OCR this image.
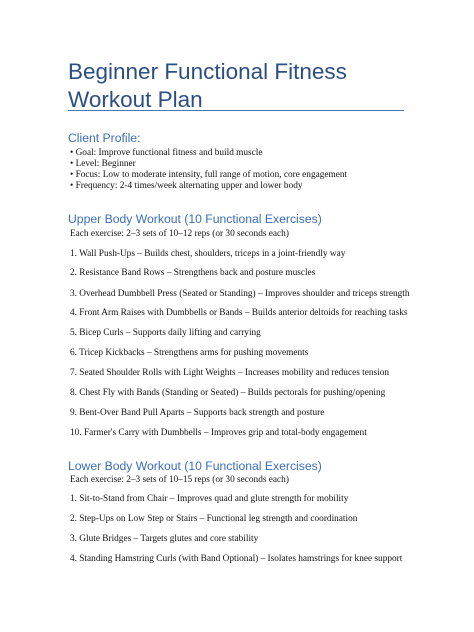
Beginner Functional Fitness Workout Plan
Client Profile:
• Goal: Improve functional fitness and build muscle
• Level: Beginner
• Focus: Low to moderate intensity, full range of motion, core engagement
• Frequency: 2-4 times/week alternating upper and lower body
Upper Body Workout (10 Functional Exercises)
Each exercise: 2–3 sets of 10–12 reps (or 30 seconds each)
1. Wall Push-Ups – Builds chest, shoulders, triceps in a joint-friendly way
2. Resistance Band Rows – Strengthens back and posture muscles
3. Overhead Dumbbell Press (Seated or Standing) – Improves shoulder and triceps strength
4. Front Arm Raises with Dumbbells or Bands – Builds anterior deltoids for reaching tasks
5. Bicep Curls – Supports daily lifting and carrying
6. Tricep Kickbacks – Strengthens arms for pushing movements
7. Seated Shoulder Rolls with Light Weights – Increases mobility and reduces tension
8. Chest Fly with Bands (Standing or Seated) – Builds pectorals for pushing/opening
9. Bent-Over Band Pull Aparts – Supports back strength and posture
10. Farmer's Carry with Dumbbells – Improves grip and total-body engagement
Lower Body Workout (10 Functional Exercises)
Each exercise: 2–3 sets of 10–15 reps (or 30 seconds each)
1. Sit-to-Stand from Chair – Improves quad and glute strength for mobility
2. Step-Ups on Low Step or Stairs – Functional leg strength and coordination
3. Glute Bridges – Targets glutes and core stability
4. Standing Hamstring Curls (with Band Optional) – Isolates hamstrings for knee support
